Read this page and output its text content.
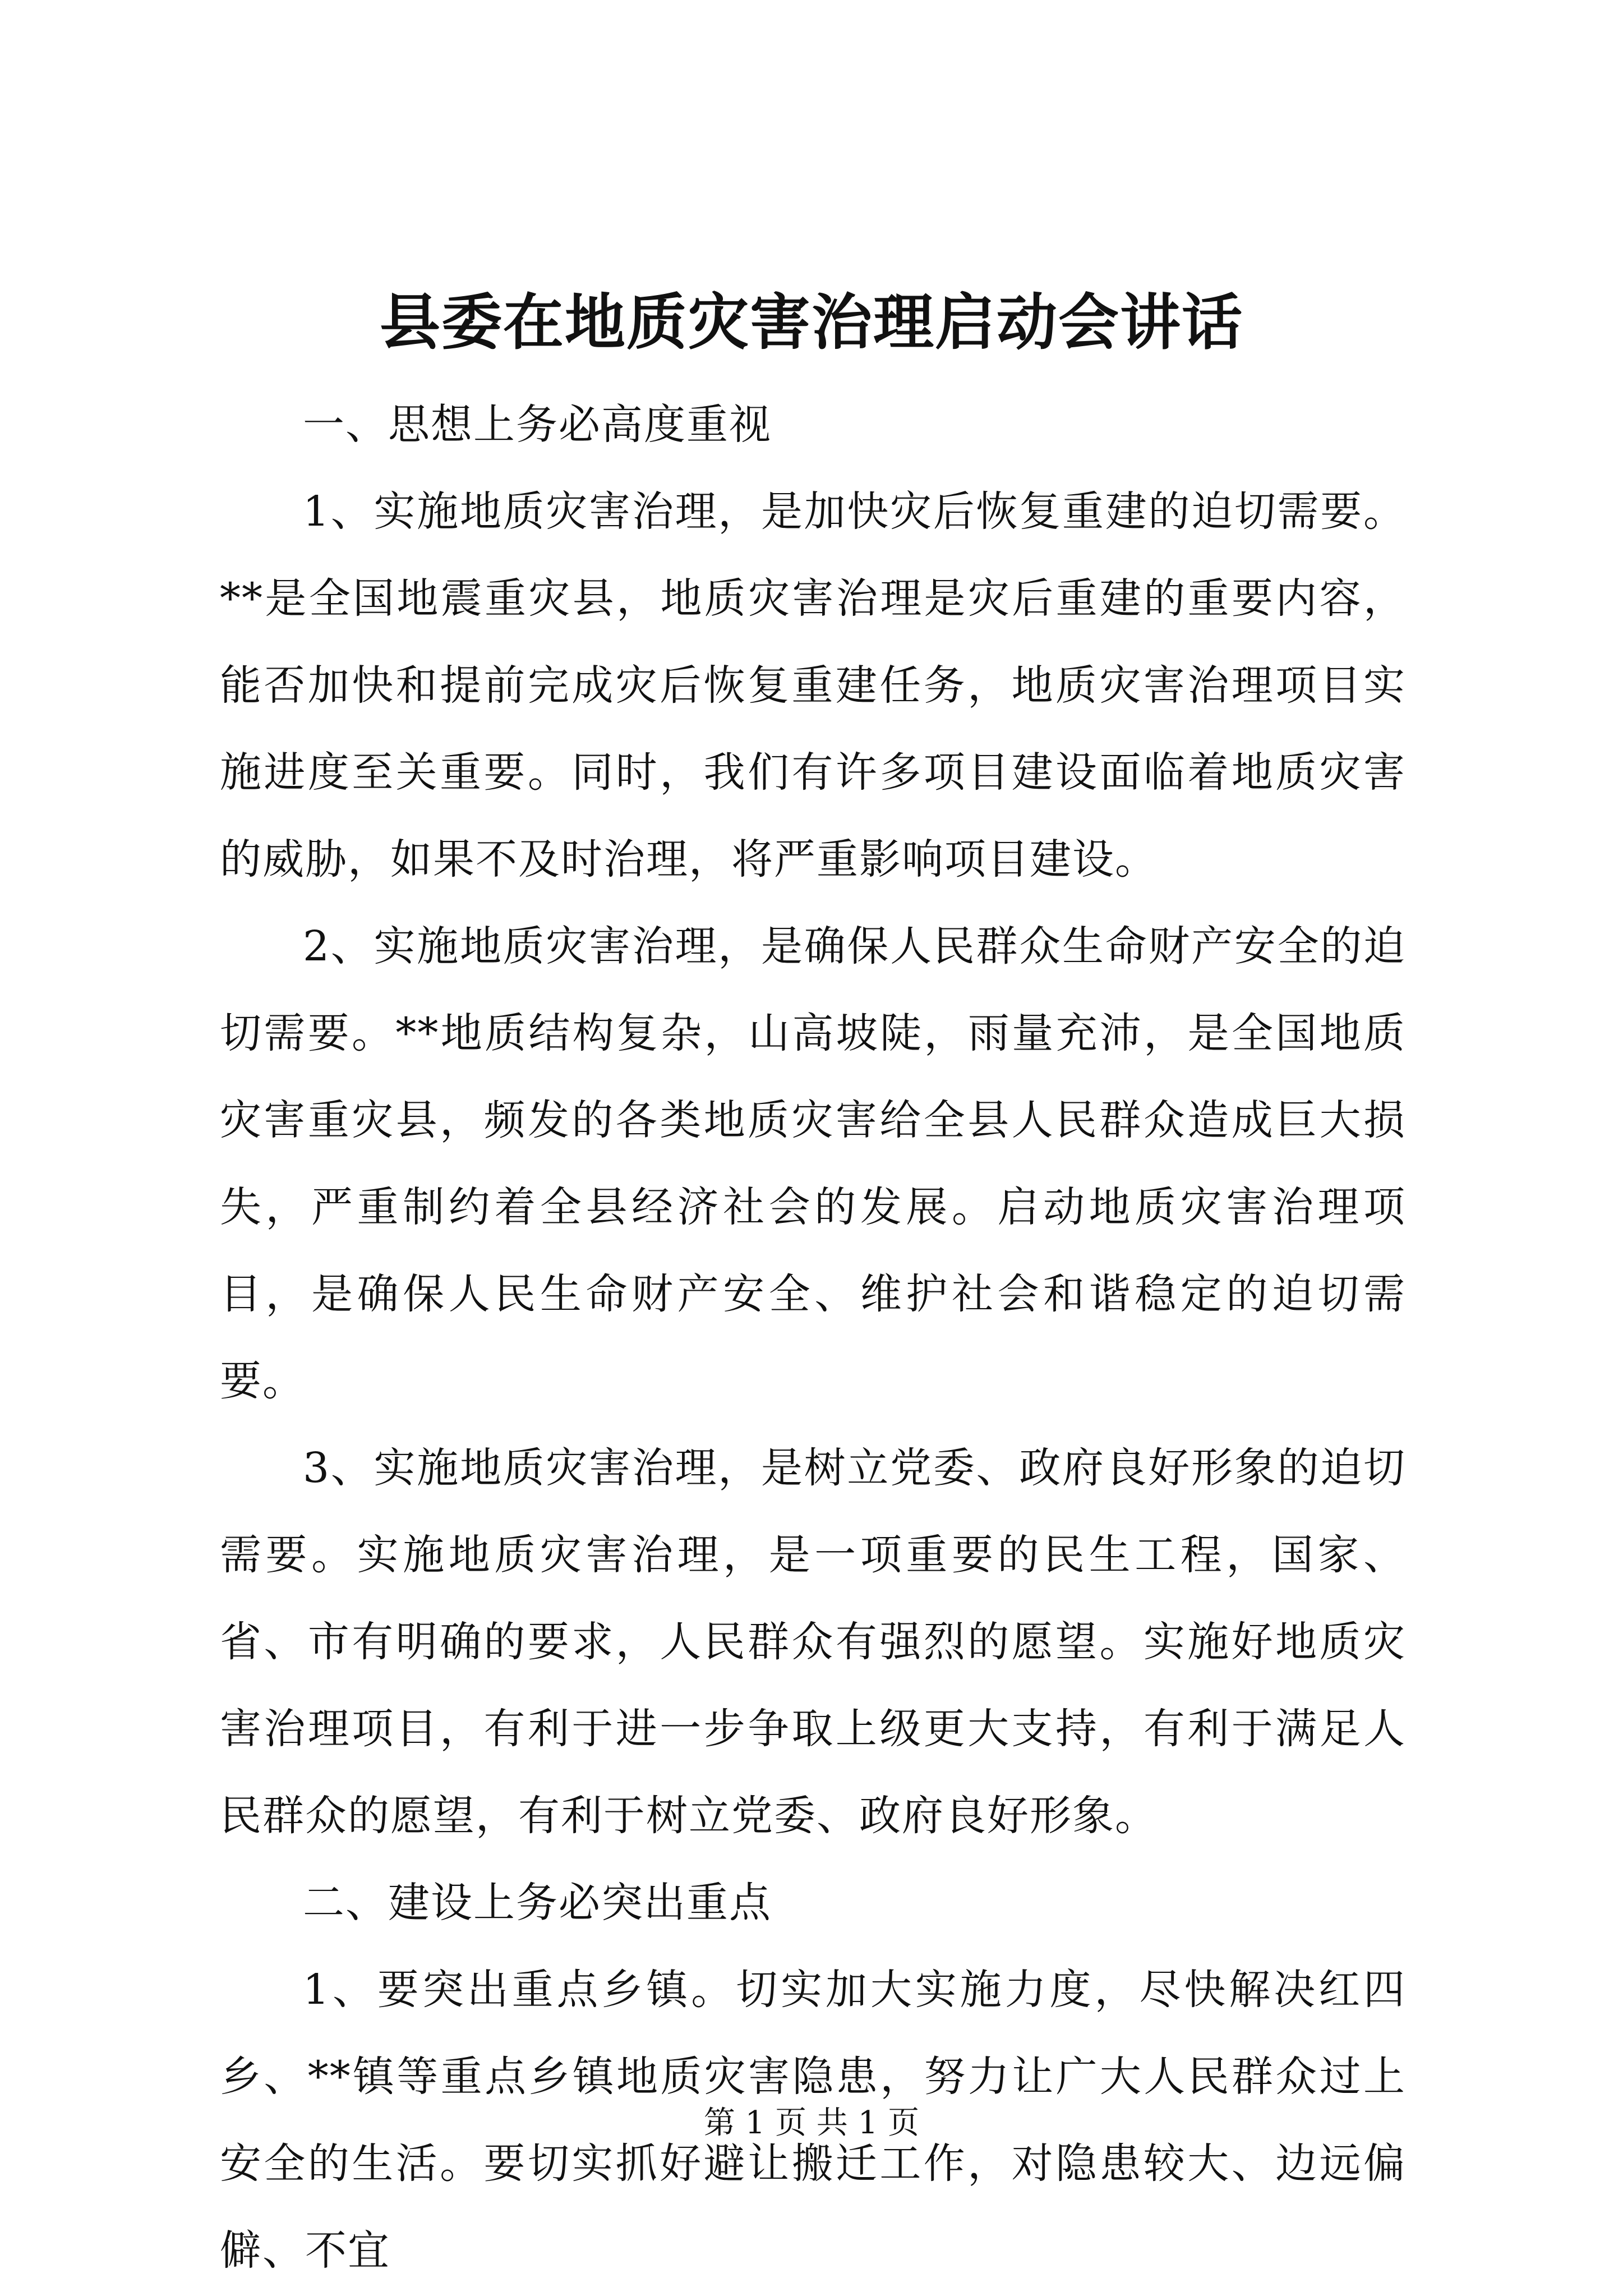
县委在地质灾害治理启动会讲话

一、思想上务必高度重视

1、实施地质灾害治理，是加快灾后恢复重建的迫切需要。**是全国地震重灾县，地质灾害治理是灾后重建的重要内容，能否加快和提前完成灾后恢复重建任务，地质灾害治理项目实施进度至关重要。同时，我们有许多项目建设面临着地质灾害的威胁，如果不及时治理，将严重影响项目建设。

2、实施地质灾害治理，是确保人民群众生命财产安全的迫切需要。**地质结构复杂，山高坡陡，雨量充沛，是全国地质灾害重灾县，频发的各类地质灾害给全县人民群众造成巨大损失，严重制约着全县经济社会的发展。启动地质灾害治理项目，是确保人民生命财产安全、维护社会和谐稳定的迫切需要。

3、实施地质灾害治理，是树立党委、政府良好形象的迫切需要。实施地质灾害治理，是一项重要的民生工程，国家、省、市有明确的要求，人民群众有强烈的愿望。实施好地质灾害治理项目，有利于进一步争取上级更大支持，有利于满足人民群众的愿望，有利于树立党委、政府良好形象。

二、建设上务必突出重点

1、要突出重点乡镇。切实加大实施力度，尽快解决红四乡、**镇等重点乡镇地质灾害隐患，努力让广大人民群众过上安全的生活。要切实抓好避让搬迁工作，对隐患较大、边远偏僻、不宜

第 1 页 共 1 页
